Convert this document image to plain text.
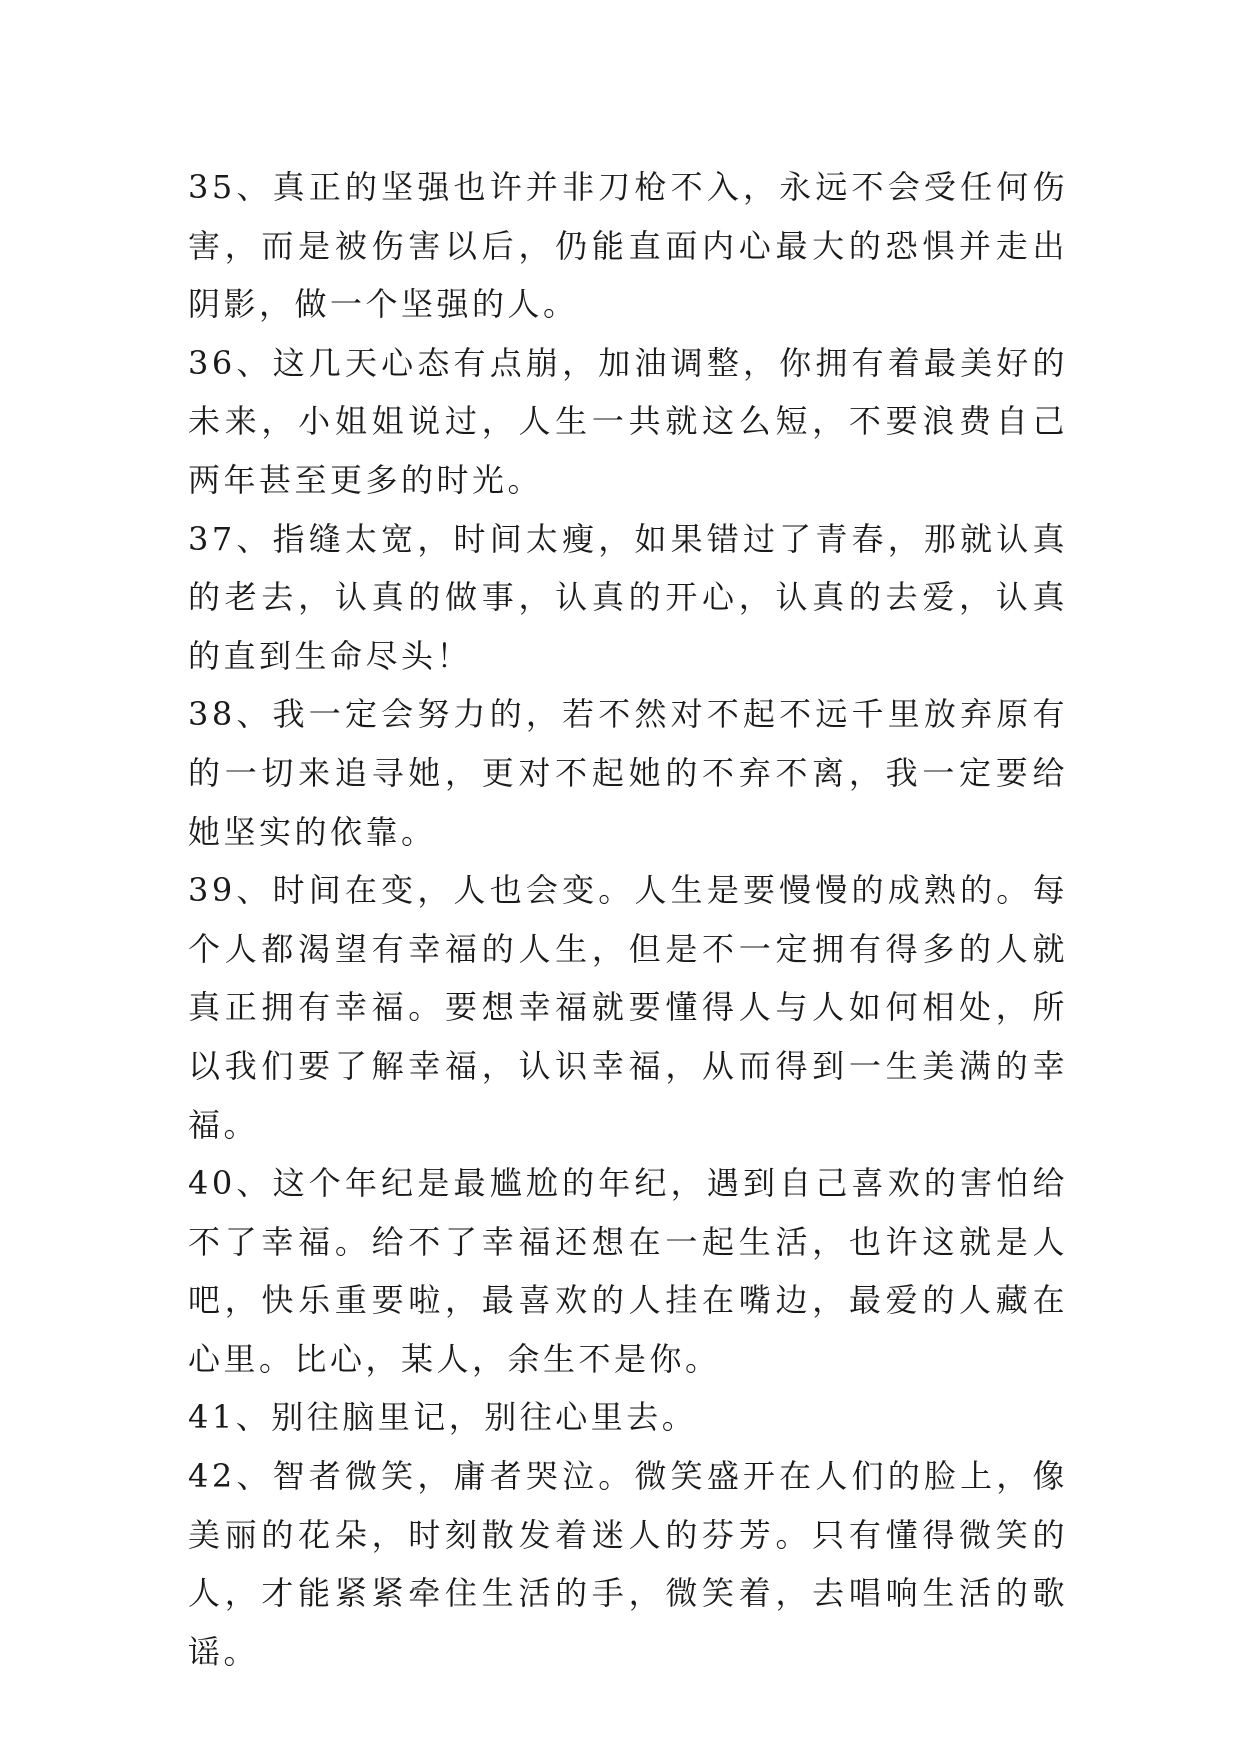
35、真正的坚强也许并非刀枪不入，永远不会受任何伤害，而是被伤害以后，仍能直面内心最大的恐惧并走出阴影，做一个坚强的人。

36、这几天心态有点崩，加油调整，你拥有着最美好的未来，小姐姐说过，人生一共就这么短，不要浪费自己两年甚至更多的时光。

37、指缝太宽，时间太瘦，如果错过了青春，那就认真的老去，认真的做事，认真的开心，认真的去爱，认真的直到生命尽头！

38、我一定会努力的，若不然对不起不远千里放弃原有的一切来追寻她，更对不起她的不弃不离，我一定要给她坚实的依靠。

39、时间在变，人也会变。人生是要慢慢的成熟的。每个人都渴望有幸福的人生，但是不一定拥有得多的人就真正拥有幸福。要想幸福就要懂得人与人如何相处，所以我们要了解幸福，认识幸福，从而得到一生美满的幸福。

40、这个年纪是最尴尬的年纪，遇到自己喜欢的害怕给不了幸福。给不了幸福还想在一起生活，也许这就是人吧，快乐重要啦，最喜欢的人挂在嘴边，最爱的人藏在心里。比心，某人，余生不是你。

41、别往脑里记，别往心里去。

42、智者微笑，庸者哭泣。微笑盛开在人们的脸上，像美丽的花朵，时刻散发着迷人的芬芳。只有懂得微笑的人，才能紧紧牵住生活的手，微笑着，去唱响生活的歌谣。
